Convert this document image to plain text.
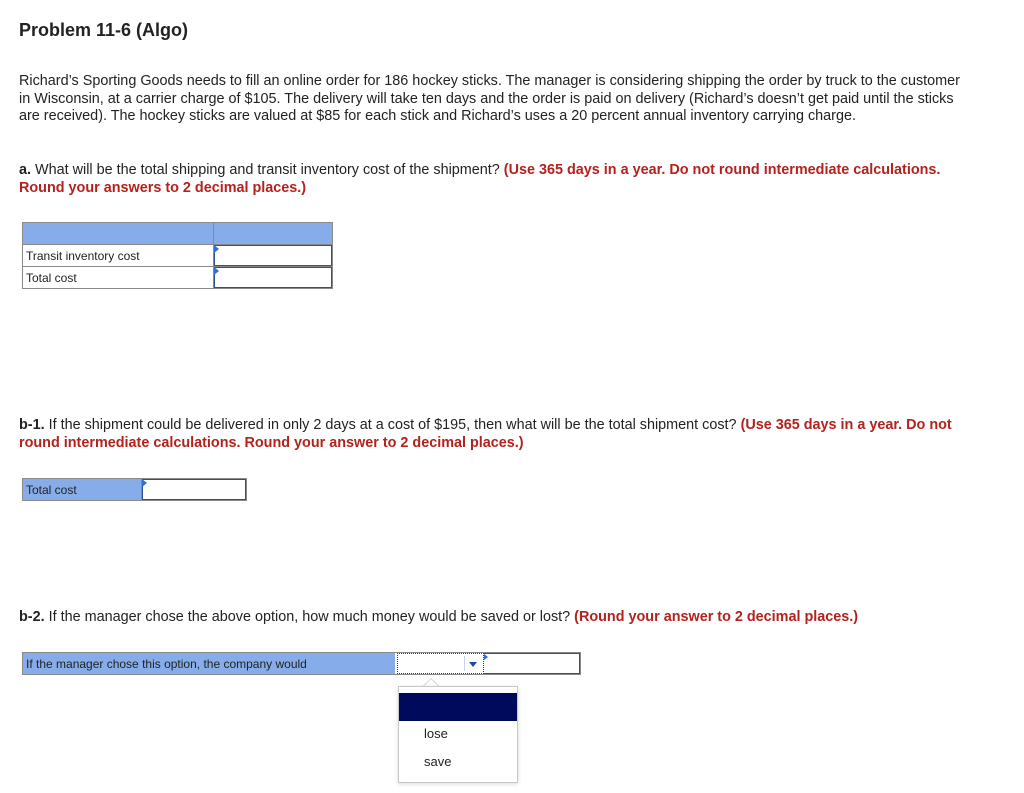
Problem 11-6 (Algo)

Richard’s Sporting Goods needs to fill an online order for 186 hockey sticks. The manager is considering shipping the order by truck to the customer in Wisconsin, at a carrier charge of $105. The delivery will take ten days and the order is paid on delivery (Richard’s doesn’t get paid until the sticks are received). The hockey sticks are valued at $85 for each stick and Richard’s uses a 20 percent annual inventory carrying charge.

a. What will be the total shipping and transit inventory cost of the shipment? (Use 365 days in a year. Do not round intermediate calculations. Round your answers to 2 decimal places.)

Transit inventory cost	

Total cost	

b-1. If the shipment could be delivered in only 2 days at a cost of $195, then what will be the total shipment cost? (Use 365 days in a year. Do not round intermediate calculations. Round your answer to 2 decimal places.)

Total cost	

b-2. If the manager chose the above option, how much money would be saved or lost? (Round your answer to 2 decimal places.)

If the manager chose this option, the company would		
lose
save
